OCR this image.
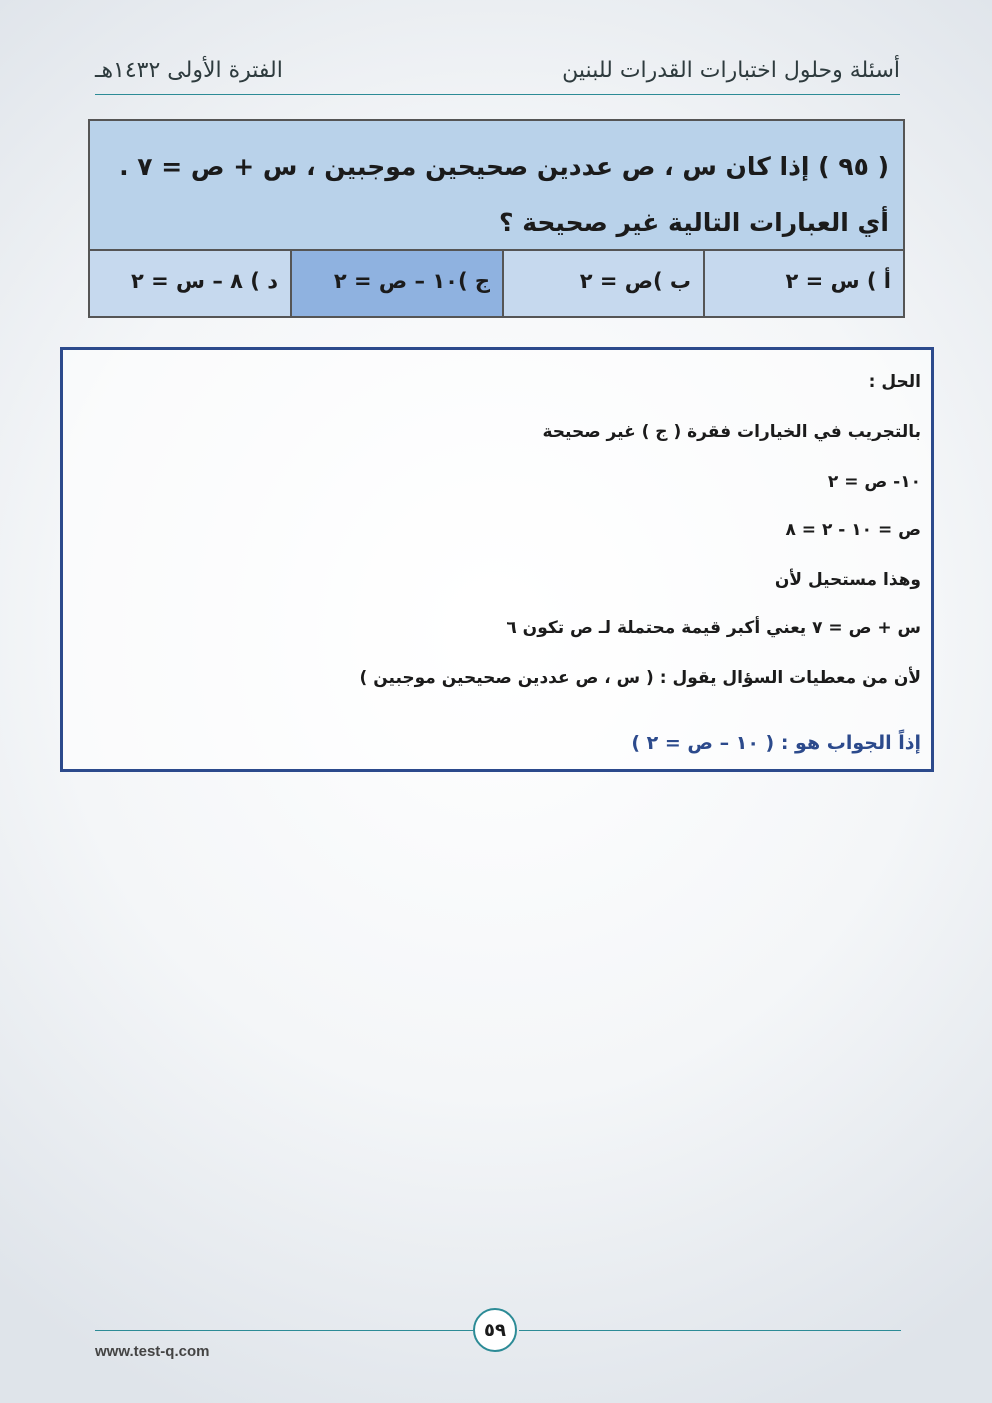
أسئلة وحلول اختبارات القدرات للبنين
الفترة الأولى ١٤٣٢هـ
( ٩٥ ) إذا كان س ، ص عددين صحيحين موجبين ، س + ص = ٧ . أي العبارات التالية غير صحيحة ؟
أ ) س = ٢
ب )ص = ٢
ج )١٠ – ص = ٢
د ) ٨ – س = ٢
الحل :
بالتجريب في الخيارات فقرة ( ج ) غير صحيحة
١٠- ص = ٢
ص = ١٠ - ٢ = ٨
وهذا مستحيل لأن
س + ص = ٧ يعني أكبر قيمة محتملة لـ ص تكون ٦
لأن من معطيات السؤال يقول : ( س ، ص عددين صحيحين موجبين )
إذاً الجواب هو : ( ١٠ – ص = ٢ )
٥٩
www.test-q.com
